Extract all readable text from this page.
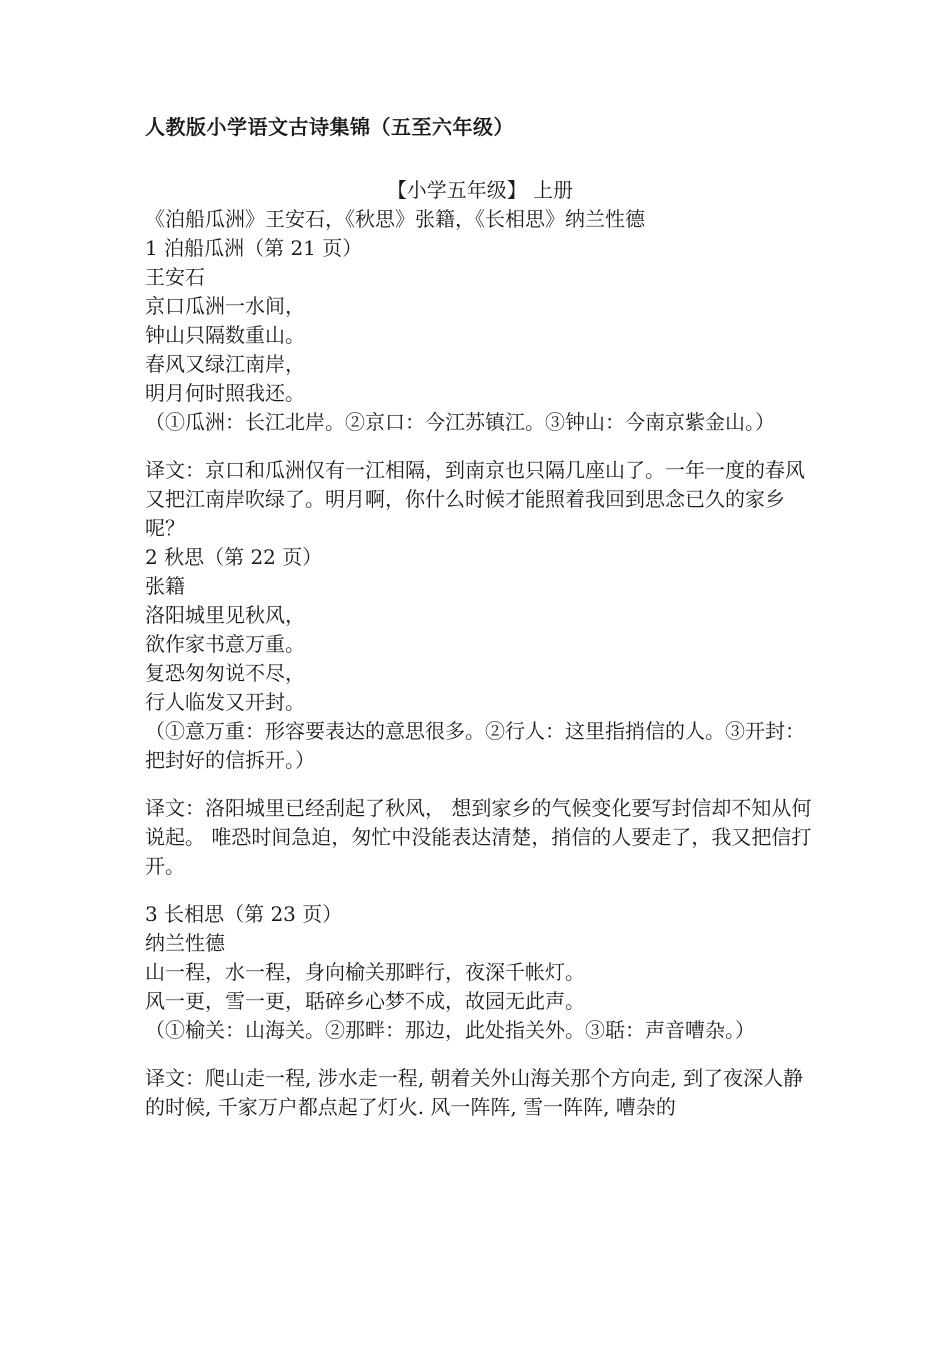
人教版小学语文古诗集锦（五至六年级）
【小学五年级】 上册
《泊船瓜洲》王安石，《秋思》张籍，《长相思》纳兰性德
1 泊船瓜洲（第 21 页）
王安石
京口瓜洲一水间，
钟山只隔数重山。
春风又绿江南岸，
明月何时照我还。
（①瓜洲：长江北岸。②京口：今江苏镇江。③钟山：今南京紫金山。）
译文：京口和瓜洲仅有一江相隔，到南京也只隔几座山了。一年一度的春风又把江南岸吹绿了。明月啊，你什么时候才能照着我回到思念已久的家乡呢？
2 秋思（第 22 页）
张籍
洛阳城里见秋风，
欲作家书意万重。
复恐匆匆说不尽，
行人临发又开封。
（①意万重：形容要表达的意思很多。②行人：这里指捎信的人。③开封：把封好的信拆开。）
译文：洛阳城里已经刮起了秋风， 想到家乡的气候变化要写封信却不知从何说起。 唯恐时间急迫，匆忙中没能表达清楚，捎信的人要走了，我又把信打开。
3 长相思（第 23 页）
纳兰性德
山一程，水一程，身向榆关那畔行，夜深千帐灯。
风一更，雪一更，聒碎乡心梦不成，故园无此声。
（①榆关：山海关。②那畔：那边，此处指关外。③聒：声音嘈杂。）
译文：爬山走一程, 涉水走一程, 朝着关外山海关那个方向走, 到了夜深人静的时候, 千家万户都点起了灯火. 风一阵阵, 雪一阵阵, 嘈杂的
